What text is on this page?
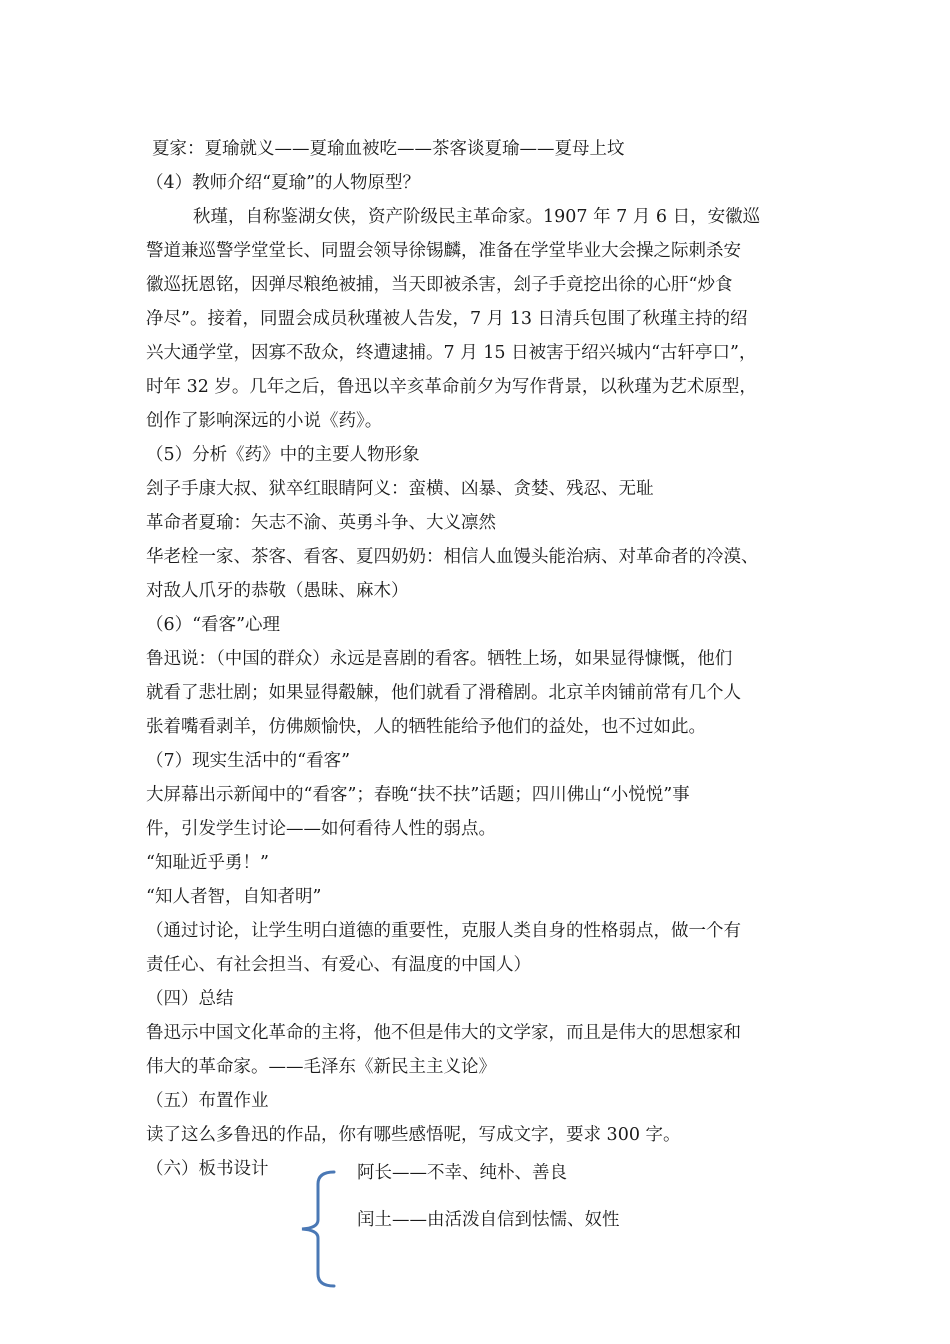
夏家：夏瑜就义——夏瑜血被吃——茶客谈夏瑜——夏母上坟
（4）教师介绍“夏瑜”的人物原型？
秋瑾，自称鉴湖女侠，资产阶级民主革命家。1907 年 7 月 6 日，安徽巡
警道兼巡警学堂堂长、同盟会领导徐锡麟，准备在学堂毕业大会操之际刺杀安
徽巡抚恩铭，因弹尽粮绝被捕，当天即被杀害，刽子手竟挖出徐的心肝“炒食
净尽”。接着，同盟会成员秋瑾被人告发，7 月 13 日清兵包围了秋瑾主持的绍
兴大通学堂，因寡不敌众，终遭逮捕。7 月 15 日被害于绍兴城内“古轩亭口”，
时年 32 岁。几年之后，鲁迅以辛亥革命前夕为写作背景，以秋瑾为艺术原型，
创作了影响深远的小说《药》。
（5）分析《药》中的主要人物形象
刽子手康大叔、狱卒红眼睛阿义：蛮横、凶暴、贪婪、残忍、无耻
革命者夏瑜：矢志不渝、英勇斗争、大义凛然
华老栓一家、茶客、看客、夏四奶奶：相信人血馒头能治病、对革命者的冷漠、
对敌人爪牙的恭敬（愚昧、麻木）
（6）“看客”心理
鲁迅说：（中国的群众）永远是喜剧的看客。牺牲上场，如果显得慷慨，他们
就看了悲壮剧；如果显得觳觫，他们就看了滑稽剧。北京羊肉铺前常有几个人
张着嘴看剥羊，仿佛颇愉快，人的牺牲能给予他们的益处，也不过如此。
（7）现实生活中的“看客”
大屏幕出示新闻中的“看客”；春晚“扶不扶”话题；四川佛山“小悦悦”事
件，引发学生讨论——如何看待人性的弱点。
“知耻近乎勇！”
“知人者智，自知者明”
（通过讨论，让学生明白道德的重要性，克服人类自身的性格弱点，做一个有
责任心、有社会担当、有爱心、有温度的中国人）
（四）总结
鲁迅示中国文化革命的主将，他不但是伟大的文学家，而且是伟大的思想家和
伟大的革命家。——毛泽东《新民主主义论》
（五）布置作业
读了这么多鲁迅的作品，你有哪些感悟呢，写成文字，要求 300 字。
（六）板书设计	阿长——不幸、纯朴、善良
闰土——由活泼自信到怯懦、奴性
